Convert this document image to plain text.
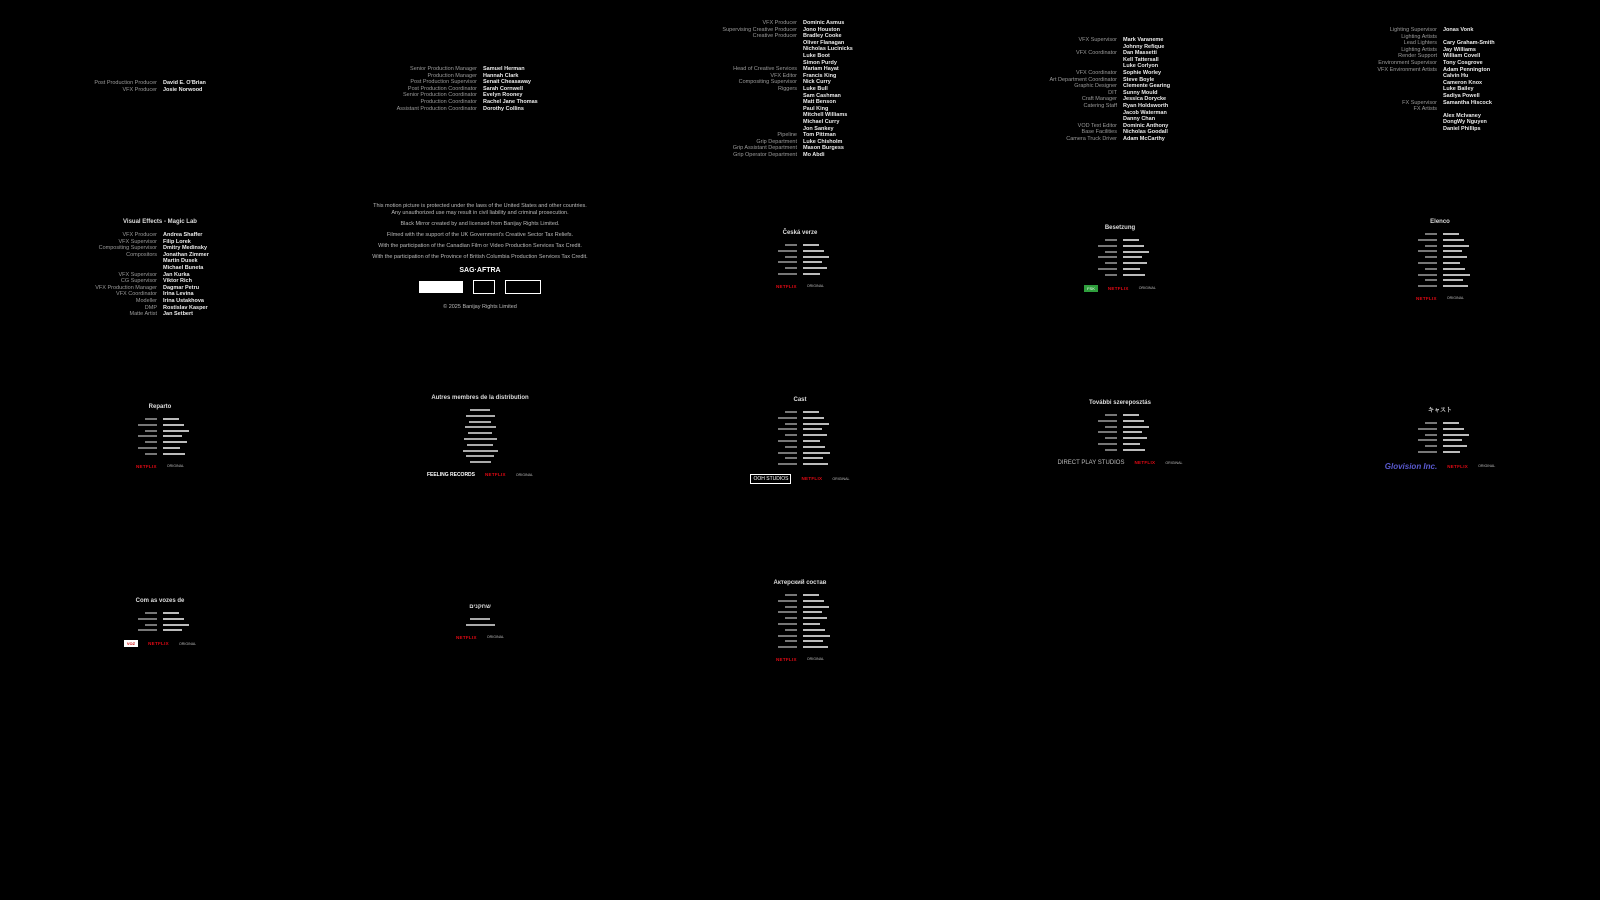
Post Production Producer David E. O'Brian
VFX Producer Josie Norwood
Senior Production Manager Samuel Herman
Production Manager Hannah Clark
Post Production Supervisor Senait Cheasaway
Post Production Coordinator Sarah Cornwell
Senior Production Coordinator Evelyn Rooney
Production Coordinator Rachel Jane Thomas
Assistant Production Coordinator Dorothy Collins
VFX Producer Dominic Asmus
Supervising Creative Producer Jono Houston
Creative Producer Bradley Cooke
Oliver Flanagan
Nicholas Lucinicks
Luke Boot
Simon Purdy
Head of Creative Services Mariam Hayat
VFX Editor Francis King
Compositing Supervisor Nick Curry
Riggers Luke Bull
Sam Cashman
Matt Benson
Paul King
Mitchell Williams
Michael Curry
Jon Sankey
Pipeline Tom Pittman
Grip Department Luke Chisholm
Grip Assistant Department Mason Burgess
Grip Operator Department Mo Abdi
VFX Supervisor Mark Varaneme
Johnny Refique
VFX Coordinator Dan Massetti
Kell Tattersall
Luke Corlyon
VFX Coordinator Sophie Worley
Art Department Coordinator Steve Boyle
Graphic Designer Clemente Gearing
DIT Sunny Mould
Craft Manager Jessica Dorycke
Catering Staff Ryan Holdsworth
Jacob Waterman
Danny Chan
VOD Text Editor Dominic Anthony
Base Facilities Nicholas Goodall
Camera Truck Driver Adam McCarthy
Lighting Supervisor Jonas Vonk
Lighting Artists
Lead Lighters Cary Graham-Smith
Lighting Artists Jay Williams
Render Support William Covell
Environment Supervisor Tony Cosgrove
VFX Environment Artists Adam Pennington
Calvin Hu
Cameron Knox
Luke Bailey
Sadiya Powell
FX Supervisor Samantha Hiscock
FX Artists
Alex McIvaney
DongWy Nguyen
Daniel Phillips
Visual Effects - Magic Lab
VFX Producer Andrea Shaffer
VFX Supervisor Filip Lorek
Compositing Supervisor Dmitry Medinsky
Compositors Jonathan Zimmer
Martin Dusek
Michael Buneta
VFX Supervisor Jan Kurka
CG Supervisor Viktor Rich
VFX Production Manager Dagmar Petru
VFX Coordinator Irina Levina
Modeller Irina Ustakhova
DMP Rostislav Kasper
Matte Artist Jan Setbert
This motion picture is protected under the laws of the United States and other countries.
Any unauthorized use may result in civil liability and criminal prosecution.
Black Mirror created by and licensed from Banijay Rights Limited.
Filmed with the support of the UK Government's Creative Sector Tax Reliefs.
With the participation of the Canadian Film or Video Production Services Tax Credit.
With the participation of the Province of British Columbia Production Services Tax Credit.
SAG·AFTRA
© 2025 Banijay Rights Limited
Česká verze
NETFLIX	ORIGINAL
Besetzung
FSK	NETFLIX	ORIGINAL
Elenco
NETFLIX	ORIGINAL
Reparto
NETFLIX	ORIGINAL
Autres membres de la distribution
FEELING RECORDS NETFLIX	ORIGINAL
Cast
OOH STUDIOS	NETFLIX	ORIGINAL
További szereposztás
DIRECT PLAY STUDIOS NETFLIX	ORIGINAL
キャスト
Glovision Inc. NETFLIX	ORIGINAL
Com as vozes de
VOZ	NETFLIX	ORIGINAL
שחקנים
NETFLIX	ORIGINAL
Актерский состав
NETFLIX	ORIGINAL
